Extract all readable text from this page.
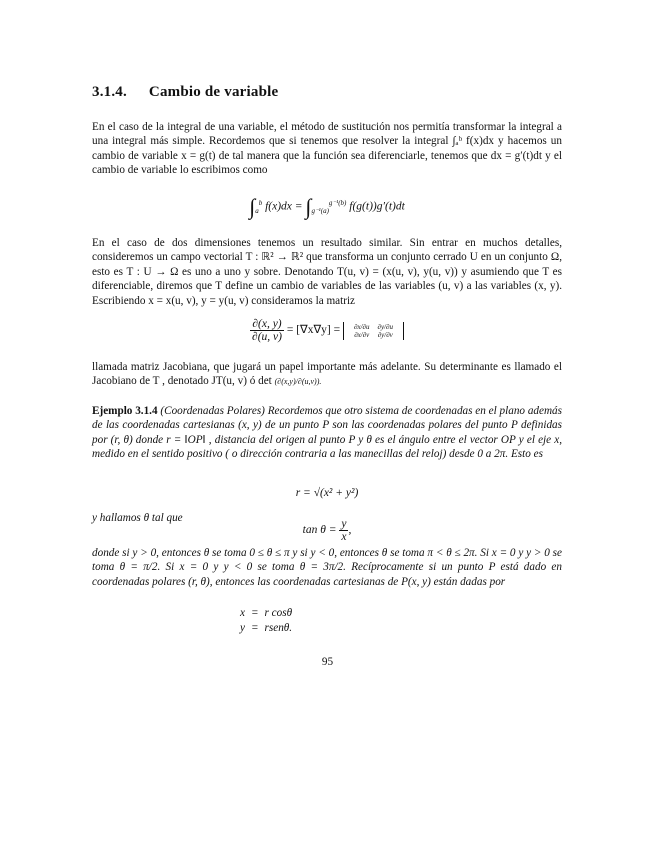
3.1.4. Cambio de variable
En el caso de la integral de una variable, el método de sustitución nos permitía transformar la integral a una integral más simple. Recordemos que si tenemos que resolver la integral ∫ₐᵇ f(x)dx y hacemos un cambio de variable x = g(t) de tal manera que la función sea diferenciarle, tenemos que dx = g′(t)dt y el cambio de variable lo escribimos como
$\int_a^b$ $f(x)dx = \int_{g^{-1}(a)}^{g^{-1}(b)}$ f(g(t))g′(t)dt
En el caso de dos dimensiones tenemos un resultado similar. Sin entrar en muchos detalles, consideremos un campo vectorial T : ℝ² → ℝ² que transforma un conjunto cerrado U en un conjunto Ω, esto es T : U → Ω es uno a uno y sobre. Denotando T(u, v) = (x(u, v), y(u, v)) y asumiendo que T es diferenciable, diremos que T define un cambio de variables de las variables (u, v) a las variables (x, y). Escribiendo x = x(u, v), y = y(u, v) consideramos la matriz
$\frac{\partial(x, y)}{\partial(u, v)} = [\nabla x\nabla y] = \partial x/\partial u$	∂y/∂u
∂x/∂v	∂y/∂v
llamada matriz Jacobiana, que jugará un papel importante más adelante. Su determinante es llamado el Jacobiano de T , denotado JT(u, v) ó det (∂(x,y)/∂(u,v)).
Ejemplo 3.1.4 (Coordenadas Polares) Recordemos que otro sistema de coordenadas en el plano además de las coordenadas cartesianas (x, y) de un punto P son las coordenadas polares del punto P definidas por (r, θ) donde r = ‖OP‖ , distancia del origen al punto P y θ es el ángulo entre el vector OP y el eje x, medido en el sentido positivo ( o dirección contraria a las manecillas del reloj) desde 0 a 2π. Esto es
r = √(x² + y²)
y hallamos θ tal que
$\tan \theta = \frac{y}{x}$ ,
donde si y > 0, entonces θ se toma 0 ≤ θ ≤ π y si y < 0, entonces θ se toma π < θ ≤ 2π. Si x = 0 y y > 0 se toma θ = π/2. Si x = 0 y y < 0 se toma θ = 3π/2. Recíprocamente si un punto P está dado en coordenadas polares (r, θ), entonces las coordenadas cartesianas de P(x, y) están dadas por
x	=	r cosθ
y	=	rsenθ.
95
